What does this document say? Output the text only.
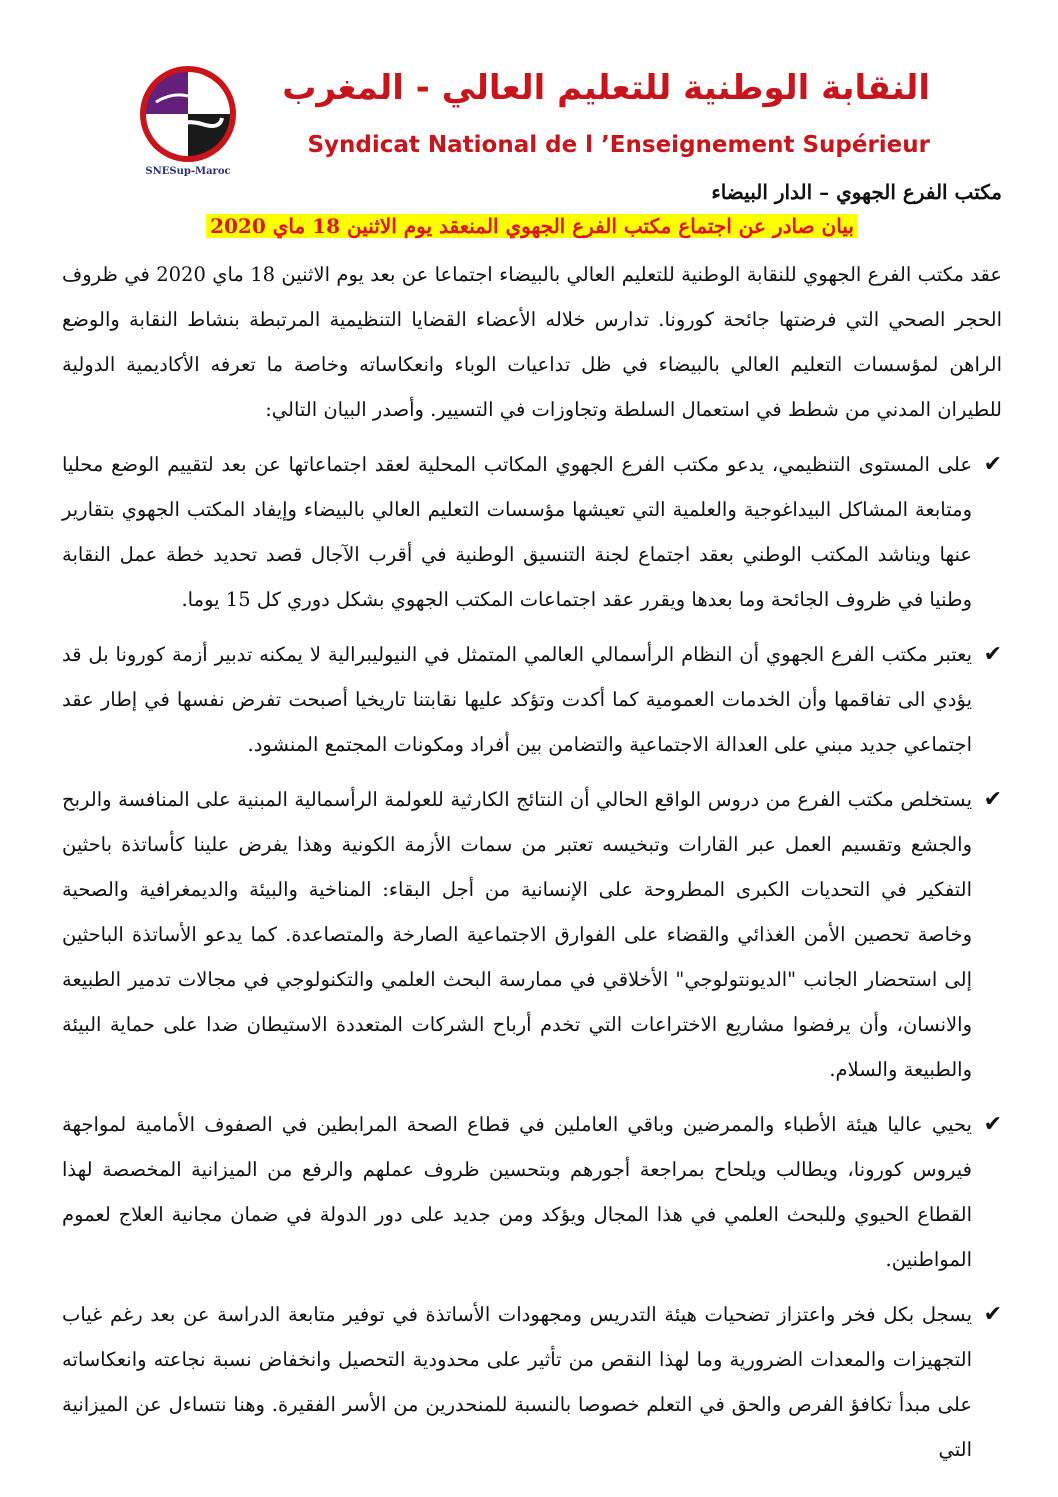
SNESup-Maroc
النقابة الوطنية للتعليم العالي - المغرب
Syndicat National de l ’Enseignement Supérieur

مكتب الفرع الجهوي – الدار البيضاء

بيان صادر عن اجتماع مكتب الفرع الجهوي المنعقد يوم الاثنين 18 ماي 2020

عقد مكتب الفرع الجهوي للنقابة الوطنية للتعليم العالي بالبيضاء اجتماعا عن بعد يوم الاثنين 18 ماي 2020 في ظروف الحجر الصحي التي فرضتها جائحة كورونا. تدارس خلاله الأعضاء القضايا التنظيمية المرتبطة بنشاط النقابة والوضع الراهن لمؤسسات التعليم العالي بالبيضاء في ظل تداعيات الوباء وانعكاساته وخاصة ما تعرفه الأكاديمية الدولية للطيران المدني من شطط في استعمال السلطة وتجاوزات في التسيير. وأصدر البيان التالي:

✔
على المستوى التنظيمي، يدعو مكتب الفرع الجهوي المكاتب المحلية لعقد اجتماعاتها عن بعد لتقييم الوضع محليا ومتابعة المشاكل البيداغوجية والعلمية التي تعيشها مؤسسات التعليم العالي بالبيضاء وإيفاد المكتب الجهوي بتقارير عنها ويناشد المكتب الوطني بعقد اجتماع لجنة التنسيق الوطنية في أقرب الآجال قصد تحديد خطة عمل النقابة وطنيا في ظروف الجائحة وما بعدها ويقرر عقد اجتماعات المكتب الجهوي بشكل دوري كل 15 يوما.
✔
يعتبر مكتب الفرع الجهوي أن النظام الرأسمالي العالمي المتمثل في النيوليبرالية لا يمكنه تدبير أزمة كورونا بل قد يؤدي الى تفاقمها وأن الخدمات العمومية كما أكدت وتؤكد عليها نقابتنا تاريخيا أصبحت تفرض نفسها في إطار عقد اجتماعي جديد مبني على العدالة الاجتماعية والتضامن بين أفراد ومكونات المجتمع المنشود.
✔
يستخلص مكتب الفرع من دروس الواقع الحالي أن النتائج الكارثية للعولمة الرأسمالية المبنية على المنافسة والربح والجشع وتقسيم العمل عبر القارات وتبخيسه تعتبر من سمات الأزمة الكونية وهذا يفرض علينا كأساتذة باحثين التفكير في التحديات الكبرى المطروحة على الإنسانية من أجل البقاء: المناخية والبيئة والديمغرافية والصحية وخاصة تحصين الأمن الغذائي والقضاء على الفوارق الاجتماعية الصارخة والمتصاعدة. كما يدعو الأساتذة الباحثين إلى استحضار الجانب "الديونتولوجي" الأخلاقي في ممارسة البحث العلمي والتكنولوجي في مجالات تدمير الطبيعة والانسان، وأن يرفضوا مشاريع الاختراعات التي تخدم أرباح الشركات المتعددة الاستيطان ضدا على حماية البيئة والطبيعة والسلام.
✔
يحيي عاليا هيئة الأطباء والممرضين وباقي العاملين في قطاع الصحة المرابطين في الصفوف الأمامية لمواجهة فيروس كورونا، ويطالب ويلحاح بمراجعة أجورهم وبتحسين ظروف عملهم والرفع من الميزانية المخصصة لهذا القطاع الحيوي وللبحث العلمي في هذا المجال ويؤكد ومن جديد على دور الدولة في ضمان مجانية العلاج لعموم المواطنين.
✔
يسجل بكل فخر واعتزاز تضحيات هيئة التدريس ومجهودات الأساتذة في توفير متابعة الدراسة عن بعد رغم غياب التجهيزات والمعدات الضرورية وما لهذا النقص من تأثير على محدودية التحصيل وانخفاض نسبة نجاعته وانعكاساته على مبدأ تكافؤ الفرص والحق في التعلم خصوصا بالنسبة للمنحدرين من الأسر الفقيرة. وهنا نتساءل عن الميزانية التي
